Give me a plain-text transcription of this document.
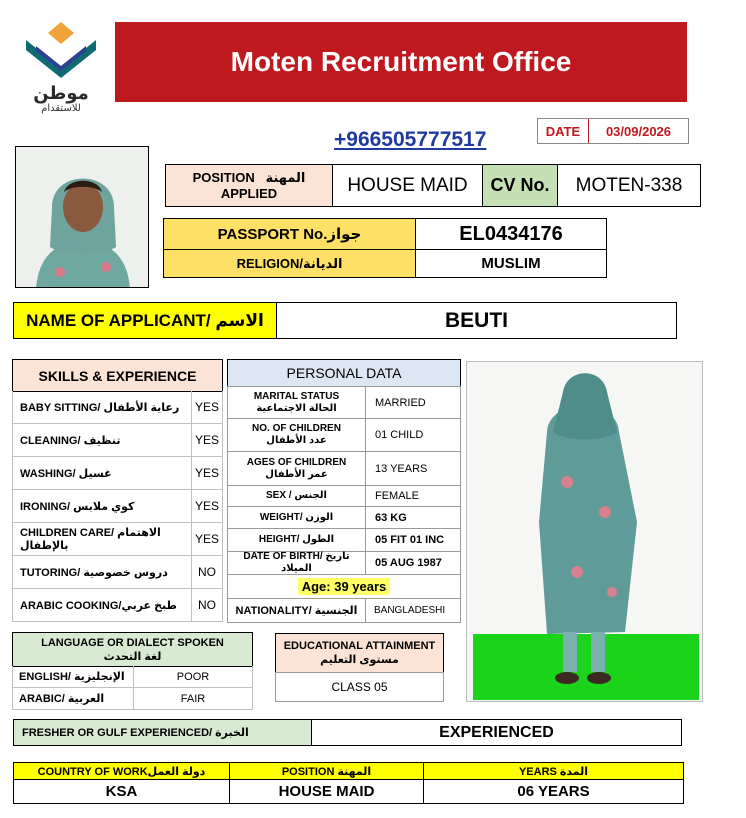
موطن
للاستقدام
Moten Recruitment Office
+966505777517	DATE	03/09/2026
POSITION المهنة
APPLIED	HOUSE MAID	CV No.	MOTEN-338
PASSPORT No.جواز	EL0434176
RELIGION/الديانة	MUSLIM
NAME OF APPLICANT/ الاسم	BEUTI
SKILLS & EXPERIENCE
BABY SITTING/ رعاية الأطفال	YES
CLEANING/ تنظيف	YES
WASHING/ غسيل	YES
IRONING/ كوي ملابس	YES
CHILDREN CARE/ الاهتمام بالإطفال	YES
TUTORING/ دروس خصوصية	NO
ARABIC COOKING/طبخ عربي	NO
PERSONAL DATA
MARITAL STATUS
الحالة الاجتماعية	MARRIED
NO. OF CHILDREN
عدد الأطفال	01 CHILD
AGES OF CHILDREN
عمر الأطفال	13 YEARS
SEX / الجنس	FEMALE
WEIGHT/ الوزن	63 KG
HEIGHT/ الطول	05 FIT 01 INC
DATE OF BIRTH/ تاريخ الميلاد	05 AUG 1987
Age: 39 years
NATIONALITY/ الجنسية	BANGLADESHI
LANGUAGE OR DIALECT SPOKEN
لغة التحدث
ENGLISH/ الإنجليزية	POOR
ARABIC/ العربية	FAIR
EDUCATIONAL ATTAINMENT
مستوى التعليم
CLASS 05
FRESHER OR GULF EXPERIENCED/ الخبرة	EXPERIENCED
COUNTRY OF WORKدولة العمل	POSITION المهنة	YEARS المدة
KSA	HOUSE MAID	06 YEARS
